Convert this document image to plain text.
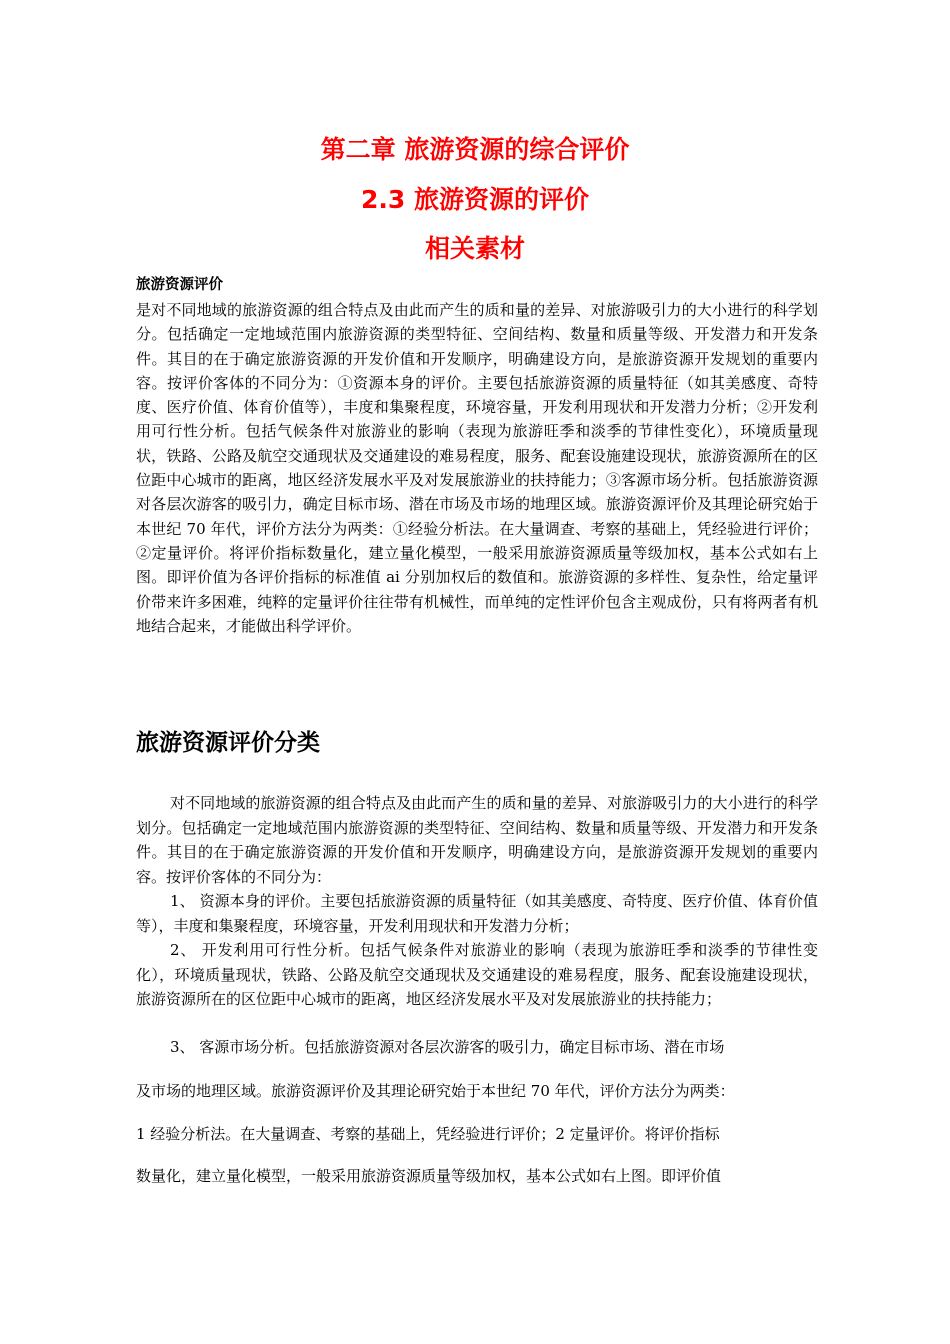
第二章 旅游资源的综合评价
2.3 旅游资源的评价
相关素材
旅游资源评价

是对不同地域的旅游资源的组合特点及由此而产生的质和量的差异、对旅游吸引力的大小进行的科学划分。包括确定一定地域范围内旅游资源的类型特征、空间结构、数量和质量等级、开发潜力和开发条件。其目的在于确定旅游资源的开发价值和开发顺序，明确建设方向，是旅游资源开发规划的重要内容。按评价客体的不同分为：①资源本身的评价。主要包括旅游资源的质量特征（如其美感度、奇特度、医疗价值、体育价值等），丰度和集聚程度，环境容量，开发利用现状和开发潜力分析；②开发利用可行性分析。包括气候条件对旅游业的影响（表现为旅游旺季和淡季的节律性变化），环境质量现状，铁路、公路及航空交通现状及交通建设的难易程度，服务、配套设施建设现状，旅游资源所在的区位距中心城市的距离，地区经济发展水平及对发展旅游业的扶持能力；③客源市场分析。包括旅游资源对各层次游客的吸引力，确定目标市场、潜在市场及市场的地理区域。旅游资源评价及其理论研究始于本世纪 70 年代，评价方法分为两类：①经验分析法。在大量调查、考察的基础上，凭经验进行评价；②定量评价。将评价指标数量化，建立量化模型，一般采用旅游资源质量等级加权，基本公式如右上图。即评价值为各评价指标的标准值 ai 分别加权后的数值和。旅游资源的多样性、复杂性，给定量评价带来许多困难，纯粹的定量评价往往带有机械性，而单纯的定性评价包含主观成份，只有将两者有机地结合起来，才能做出科学评价。

旅游资源评价分类

对不同地域的旅游资源的组合特点及由此而产生的质和量的差异、对旅游吸引力的大小进行的科学划分。包括确定一定地域范围内旅游资源的类型特征、空间结构、数量和质量等级、开发潜力和开发条件。其目的在于确定旅游资源的开发价值和开发顺序，明确建设方向，是旅游资源开发规划的重要内容。按评价客体的不同分为：

1、 资源本身的评价。主要包括旅游资源的质量特征（如其美感度、奇特度、医疗价值、体育价值等），丰度和集聚程度，环境容量，开发利用现状和开发潜力分析；

2、 开发利用可行性分析。包括气候条件对旅游业的影响（表现为旅游旺季和淡季的节律性变化），环境质量现状，铁路、公路及航空交通现状及交通建设的难易程度，服务、配套设施建设现状，旅游资源所在的区位距中心城市的距离，地区经济发展水平及对发展旅游业的扶持能力；

3、 客源市场分析。包括旅游资源对各层次游客的吸引力，确定目标市场、潜在市场
及市场的地理区域。旅游资源评价及其理论研究始于本世纪 70 年代，评价方法分为两类：
1 经验分析法。在大量调查、考察的基础上，凭经验进行评价；2 定量评价。将评价指标
数量化，建立量化模型，一般采用旅游资源质量等级加权，基本公式如右上图。即评价值
